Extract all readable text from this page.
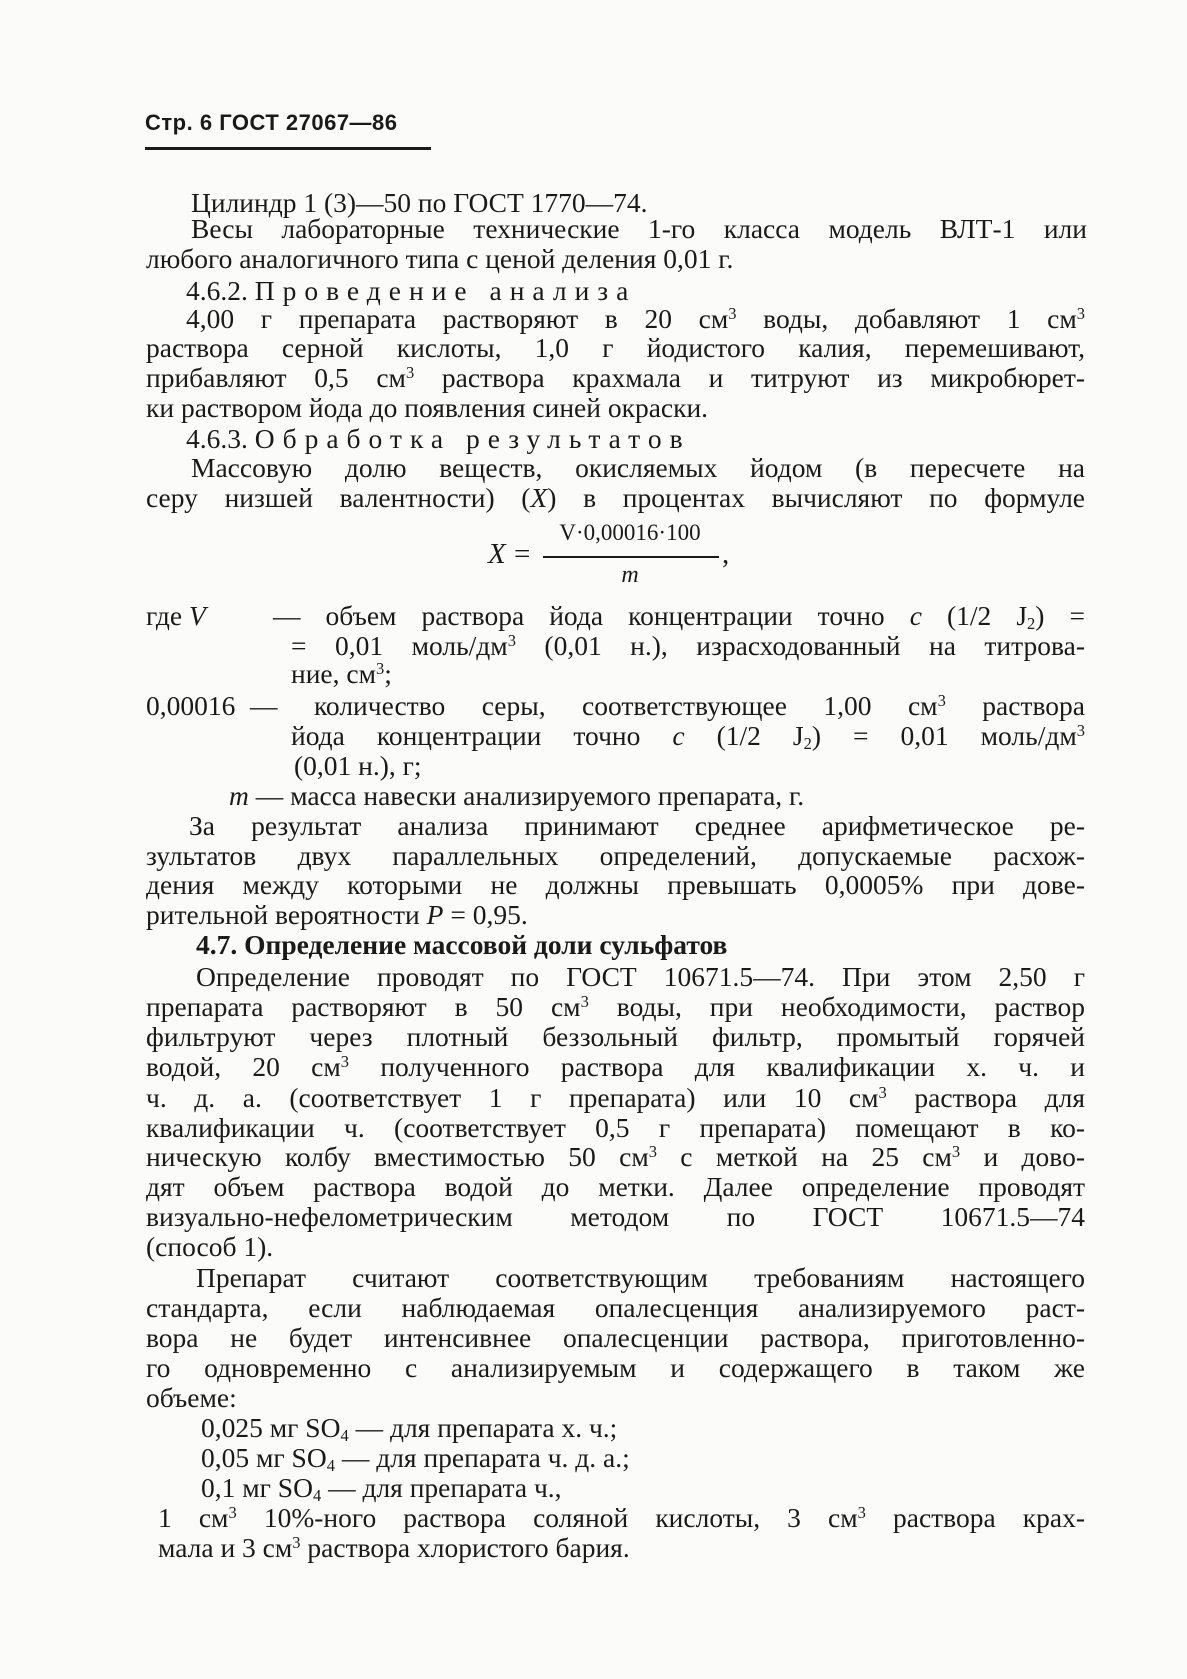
Стр. 6 ГОСТ 27067—86
Цилиндр 1 (3)—50 по ГОСТ 1770—74.
Весы лабораторные технические 1-го класса модель ВЛТ-1 или
любого аналогичного типа с ценой деления 0,01 г.
4.6.2. Проведение анализа
4,00 г препарата растворяют в 20 $см^3$ воды, добавляют 1 $см^3$
раствора серной кислоты, 1,0 г йодистого калия, перемешивают,
прибавляют 0,5 $см^3$ раствора крахмала и титруют из микробюрет-
ки раствором йода до появления синей окраски.
4.6.3. Обработка результатов
Массовую долю веществ, окисляемых йодом (в пересчете на
серу низшей валентности) (X) в процентах вычисляют по формуле
X =
V·0,00016·100
m
,
где V — объем раствора йода концентрации точно c (1/2 $J_2$) =
= 0,01 моль/$дм^3$ (0,01 н.), израсходованный на титрова-
ние, $см^3$;
0,00016 — количество серы, соответствующее 1,00 $см^3$ раствора
йода концентрации точно c (1/2 $J_2) = 0,01$ моль/$дм^3$
(0,01 н.), г;
m — масса навески анализируемого препарата, г.
За результат анализа принимают среднее арифметическое ре-
зультатов двух параллельных определений, допускаемые расхож-
дения между которыми не должны превышать 0,0005% при дове-
рительной вероятности P = 0,95.
4.7. Определение массовой доли сульфатов
Определение проводят по ГОСТ 10671.5—74. При этом 2,50 г
препарата растворяют в 50 $см^3$ воды, при необходимости, раствор
фильтруют через плотный беззольный фильтр, промытый горячей
водой, 20 $см^3$ полученного раствора для квалификации х. ч. и
ч. д. а. (соответствует 1 г препарата) или 10 $см^3$ раствора для
квалификации ч. (соответствует 0,5 г препарата) помещают в ко-
ническую колбу вместимостью 50 $см^3$ с меткой на 25 $см^3$ и дово-
дят объем раствора водой до метки. Далее определение проводят
визуально-нефелометрическим методом по ГОСТ 10671.5—74
(способ 1).
Препарат считают соответствующим требованиям настоящего
стандарта, если наблюдаемая опалесценция анализируемого раст-
вора не будет интенсивнее опалесценции раствора, приготовленно-
го одновременно с анализируемым и содержащего в таком же
объеме:
0,025 мг $SO_4$ — для препарата х. ч.;
0,05 мг $SO_4$ — для препарата ч. д. а.;
0,1 мг $SO_4$ — для препарата ч.,
1 $см^3$ 10%-ного раствора соляной кислоты, 3 $см^3$ раствора крах-
мала и 3 $см^3$ раствора хлористого бария.
